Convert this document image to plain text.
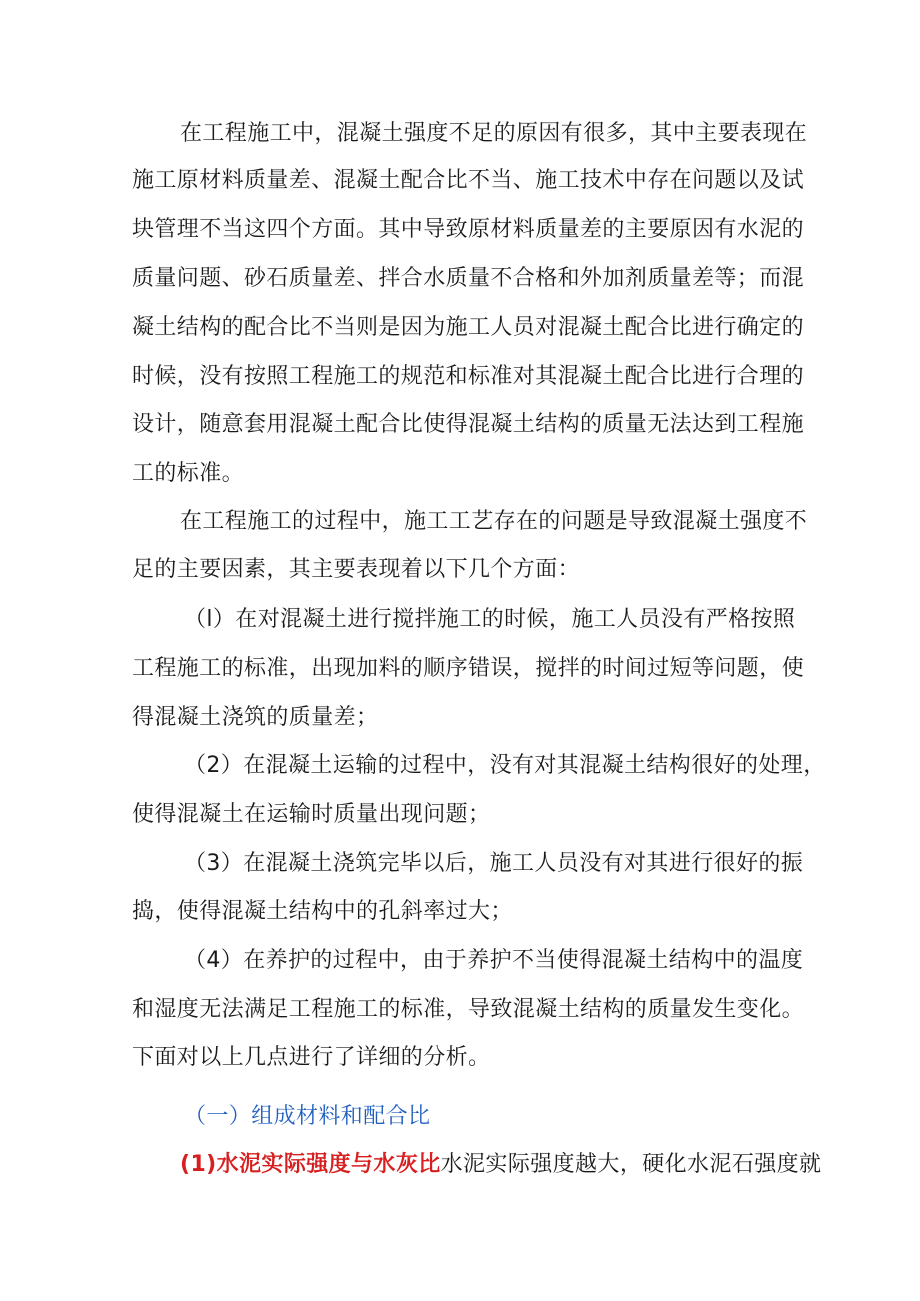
在工程施工中，混凝土强度不足的原因有很多，其中主要表现在
施工原材料质量差、混凝土配合比不当、施工技术中存在问题以及试
块管理不当这四个方面。其中导致原材料质量差的主要原因有水泥的
质量问题、砂石质量差、拌合水质量不合格和外加剂质量差等；而混
凝土结构的配合比不当则是因为施工人员对混凝土配合比进行确定的
时候，没有按照工程施工的规范和标准对其混凝土配合比进行合理的
设计，随意套用混凝土配合比使得混凝土结构的质量无法达到工程施
工的标准。
在工程施工的过程中，施工工艺存在的问题是导致混凝土强度不
足的主要因素，其主要表现着以下几个方面：
（l）在对混凝土进行搅拌施工的时候，施工人员没有严格按照
工程施工的标准，出现加料的顺序错误，搅拌的时间过短等问题，使
得混凝土浇筑的质量差；
（2）在混凝土运输的过程中，没有对其混凝土结构很好的处理，
使得混凝土在运输时质量出现问题；
（3）在混凝土浇筑完毕以后，施工人员没有对其进行很好的振
捣，使得混凝土结构中的孔斜率过大；
（4）在养护的过程中，由于养护不当使得混凝土结构中的温度
和湿度无法满足工程施工的标准，导致混凝土结构的质量发生变化。
下面对以上几点进行了详细的分析。
（一）组成材料和配合比
(1)水泥实际强度与水灰比水泥实际强度越大，硬化水泥石强度就
